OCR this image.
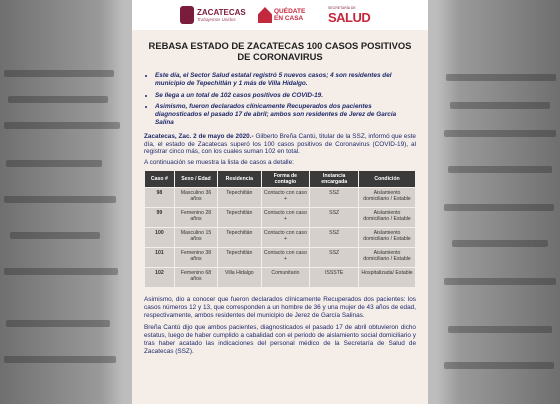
ZACATECAS
Trabajemos Unidos
QUÉDATE
EN CASA
SECRETARÍA DE
SALUD
REBASA ESTADO DE ZACATECAS 100 CASOS POSITIVOS DE CORONAVIRUS
• Este día, el Sector Salud estatal registró 5 nuevos casos; 4 son residentes del municipio de Tepechitlán y 1 más de Villa Hidalgo.
• Se llega a un total de 102 casos positivos de COVID-19.
• Asimismo, fueron declarados clínicamente Recuperados dos pacientes diagnosticados el pasado 17 de abril; ambos son residentes de Jerez de García Salina

Zacatecas, Zac. 2 de mayo de 2020.- Gilberto Breña Cantú, titular de la SSZ, informó que este día, el estado de Zacatecas superó los 100 casos positivos de Coronavirus (COVID-19), al registrar cinco más, con los cuales suman 102 en total.

A continuación se muestra la lista de casos a detalle:

Caso #	Sexo / Edad	Residencia	Forma de contagio	Instancia encargada	Condición
98	Masculino 36 años	Tepechitlán	Contacto con caso +	SSZ	Aislamiento domiciliario / Estable
99	Femenino 28 años	Tepechitlán	Contacto con caso +	SSZ	Aislamiento domiciliario / Estable
100	Masculino 15 años	Tepechitlán	Contacto con caso +	SSZ	Aislamiento domiciliario / Estable
101	Femenino 38 años	Tepechitlán	Contacto con caso +	SSZ	Aislamiento domiciliario / Estable
102	Femenino 68 años	Villa Hidalgo	Comunitario	ISSSTE	Hospitalizada/ Estable

Asimismo, dio a conocer que fueron declarados clínicamente Recuperados dos pacientes: los casos números 12 y 13, que corresponden a un hombre de 36 y una mujer de 43 años de edad, respectivamente, ambos residentes del municipio de Jerez de García Salinas.

Breña Cantú dijo que ambos pacientes, diagnosticados el pasado 17 de abril obtuvieron dicho estatus, luego de haber cumplido a cabalidad con el periodo de aislamiento social domiciliario y tras haber acatado las indicaciones del personal médico de la Secretaría de Salud de Zacatecas (SSZ).
